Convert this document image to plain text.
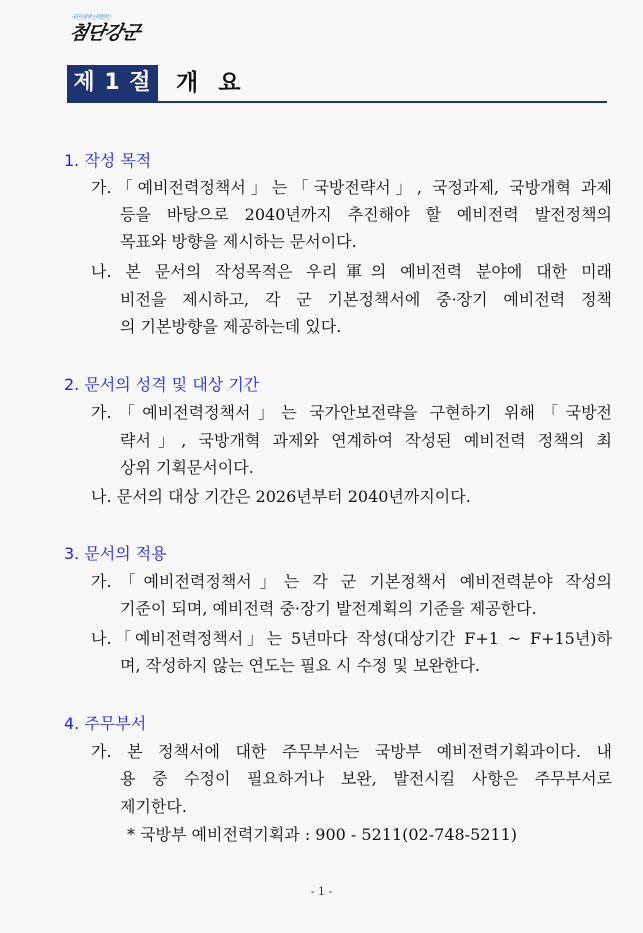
국민에게 신뢰받는
첨단강군
제 1 절 개 요
1. 작성 목적
가.「예비전력정책서」는「국방전략서」, 국정과제, 국방개혁 과제
등을 바탕으로 2040년까지 추진해야 할 예비전력 발전정책의
목표와 방향을 제시하는 문서이다.
나. 본 문서의 작성목적은 우리軍의 예비전력 분야에 대한 미래
비전을 제시하고, 각 군 기본정책서에 중·장기 예비전력 정책
의 기본방향을 제공하는데 있다.
2. 문서의 성격 및 대상 기간
가.「예비전력정책서」는 국가안보전략을 구현하기 위해「국방전
략서」, 국방개혁 과제와 연계하여 작성된 예비전력 정책의 최
상위 기획문서이다.
나. 문서의 대상 기간은 2026년부터 2040년까지이다.
3. 문서의 적용
가.「예비전력정책서」는 각 군 기본정책서 예비전력분야 작성의
기준이 되며, 예비전력 중·장기 발전계획의 기준을 제공한다.
나.「예비전력정책서」는 5년마다 작성(대상기간 F+1 ~ F+15년)하
며, 작성하지 않는 연도는 필요 시 수정 및 보완한다.
4. 주무부서
가. 본 정책서에 대한 주무부서는 국방부 예비전력기획과이다. 내
용 중 수정이 필요하거나 보완, 발전시킬 사항은 주무부서로
제기한다.
* 국방부 예비전력기획과 : 900 - 5211(02-748-5211)
- 1 -
